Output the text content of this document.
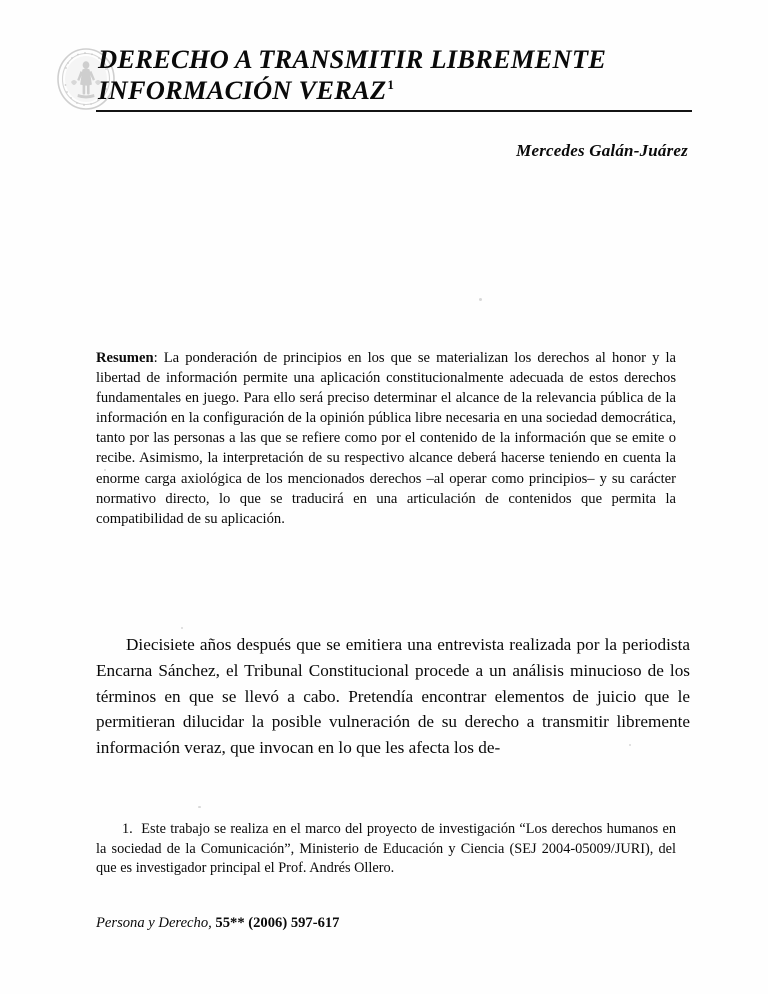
DERECHO A TRANSMITIR LIBREMENTE
INFORMACIÓN VERAZ$^1$
Mercedes Galán-Juárez
Resumen: La ponderación de principios en los que se materializan los derechos al honor y la libertad de información permite una aplicación constitucionalmente adecuada de estos derechos fundamentales en juego. Para ello será preciso determinar el alcance de la relevancia pública de la información en la configuración de la opinión pública libre necesaria en una sociedad democrática, tanto por las personas a las que se refiere como por el contenido de la información que se emite o recibe. Asimismo, la interpretación de su respectivo alcance deberá hacerse teniendo en cuenta la enorme carga axiológica de los mencionados derechos –al operar como principios– y su carácter normativo directo, lo que se traducirá en una articulación de contenidos que permita la compatibilidad de su aplicación.
Diecisiete años después que se emitiera una entrevista realizada por la periodista Encarna Sánchez, el Tribunal Constitucional procede a un análisis minucioso de los términos en que se llevó a cabo. Pretendía encontrar elementos de juicio que le permitieran dilucidar la posible vulneración de su derecho a transmitir libremente información veraz, que invocan en lo que les afecta los de-
1. Este trabajo se realiza en el marco del proyecto de investigación “Los derechos humanos en la sociedad de la Comunicación”, Ministerio de Educación y Ciencia (SEJ 2004-05009/JURI), del que es investigador principal el Prof. Andrés Ollero.
Persona y Derecho, 55** (2006) 597-617
